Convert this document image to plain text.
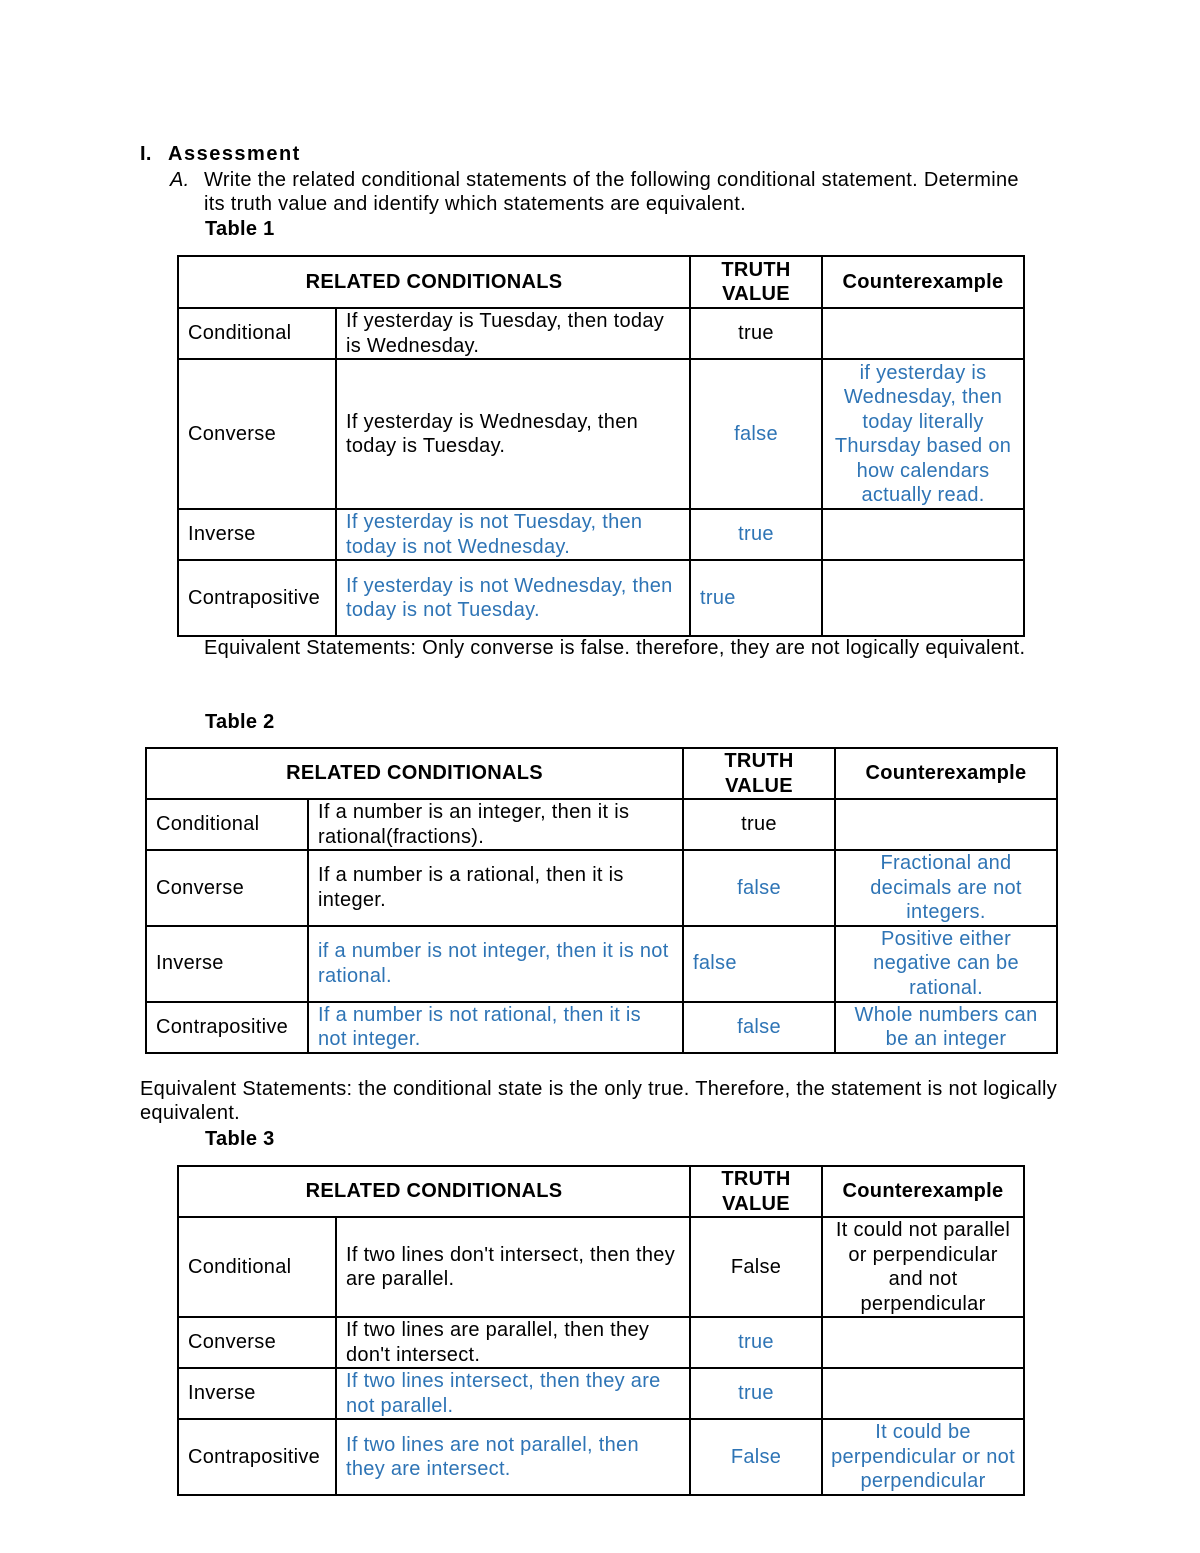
I. Assessment
A. Write the related conditional statements of the following conditional statement. Determine
its truth value and identify which statements are equivalent.
Table 1
RELATED CONDITIONALS		TRUTH VALUE	Counterexample
Conditional	If yesterday is Tuesday, then today is Wednesday.	true	
Converse	If yesterday is Wednesday, then today is Tuesday.	false	if yesterday is Wednesday, then today literally Thursday based on how calendars actually read.
Inverse	If yesterday is not Tuesday, then today is not Wednesday.	true	
Contrapositive	If yesterday is not Wednesday, then today is not Tuesday.	true	
Equivalent Statements: Only converse is false. therefore, they are not logically equivalent.
Table 2
RELATED CONDITIONALS		TRUTH VALUE	Counterexample
Conditional	If a number is an integer, then it is rational(fractions).	true	
Converse	If a number is a rational, then it is integer.	false	Fractional and decimals are not integers.
Inverse	if a number is not integer, then it is not rational.	false	Positive either negative can be rational.
Contrapositive	If a number is not rational, then it is not integer.	false	Whole numbers can be an integer
Equivalent Statements: the conditional state is the only true. Therefore, the statement is not logically equivalent.
Table 3
RELATED CONDITIONALS		TRUTH VALUE	Counterexample
Conditional	If two lines don't intersect, then they are parallel.	False	It could not parallel or perpendicular and not perpendicular
Converse	If two lines are parallel, then they don't intersect.	true	
Inverse	If two lines intersect, then they are not parallel.	true	
Contrapositive	If two lines are not parallel, then they are intersect.	False	It could be perpendicular or not perpendicular
